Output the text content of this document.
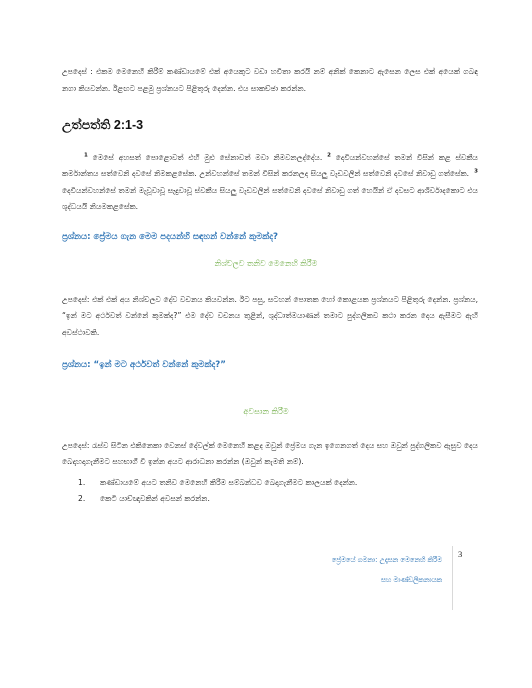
උපදෙස් : එකම මෙනෙහි කිරීම් කණ්ඩායමේ එක් අයෙකුට වඩා හවිතා කරයි නම් අනික් කෙනාට ඇසෙන ලෙස එක් අයෙක් ගබඳ නගා කියවන්න. ඊළඟට පළමු ප්‍රශ්නයට පිළිතුරු දෙන්න. එය සාකච්ඡා කරන්න.

උත්පත්ති 2:1-3

$^1$ මෙසේ අහසත් පොළොවත් එහි මුළු සේනාවත් මවා නිමවනලද්දේය. $^2$ දෙවියන්වහන්සේ තමන් විසින් කළ ස්වකීය කර්මාන්තය සත්වෙනි දවසේ නිමකළසේක. උන්වහන්සේ තමන් විසින් කරනලද සියලු වැඩවලින් සත්වෙනි දවසේ නිවාඩු ගත්සේක. $^3$ දෙවියන්වහන්සේ තමන් මැවූවාවූ සෑදුවාවූ ස්වකීය සියලු වැඩවලින් සත්වෙනි දවසේ නිවාඩු ගත් හෙයින් ඒ දවසට ආශිර්වාදකොට එය ශුද්ධයයි නියමකළසේක.

ප්‍රශ්නය: ප්‍රේමය ගැන මෙම පදයන්හි සඳහන් වන්නේ කුමක්ද?
නිශ්චලව තනිව මෙනෙහි කිරීම

උපදෙස්: එක් එක් අය නිශ්චලව දේව වචනය කියවන්න. ඊට පසු, සටහන් පොතක හෝ කොළයක ප්‍රශ්නයට පිළිතුරු දෙන්න. ප්‍රශ්නය, “ඉන් මට අර්ථවත් වන්නේ කුමක්ද?” එම දේව වචනය තුළින්, ශුද්ධාත්මයාණන් තමාට පුද්ගලිකව කථා කරන දෙය ඇසීමට ඇහි අවස්ථාවකි.

ප්‍රශ්නය: “ඉන් මට අර්ථවත් වන්නේ කුමක්ද?”
අවසාන කිරීම

උපදෙස්: රැස්ව සිටින එකිනෙකා වෙනස් දේවල්ක් මෙනෙහි කළද ඔවුන් ප්‍රේමය ගැන ඉගෙනගත් දෙය සහ ඔවුන් පුද්ගලිකව ඇසුව දෙය බෙදාහදාගැනීමට සහභාගී වී ඉන්න අයට ආරාධනා කරන්න (ඔවුන් කැමති නම්).

1. කණ්ඩායමේ අයට තනිව මෙනෙහි කිරීම සම්බන්ධව බෙදාගැනීමට කාලයක් දෙන්න.
2. කෙටි යාච්ඥාවකින් අවසන් කරන්න.
ප්‍රේමයේ ගමනා: උදෑසන මෙනෙහි කිරීම
සහ මාණ්ඩලිකනායක
3
